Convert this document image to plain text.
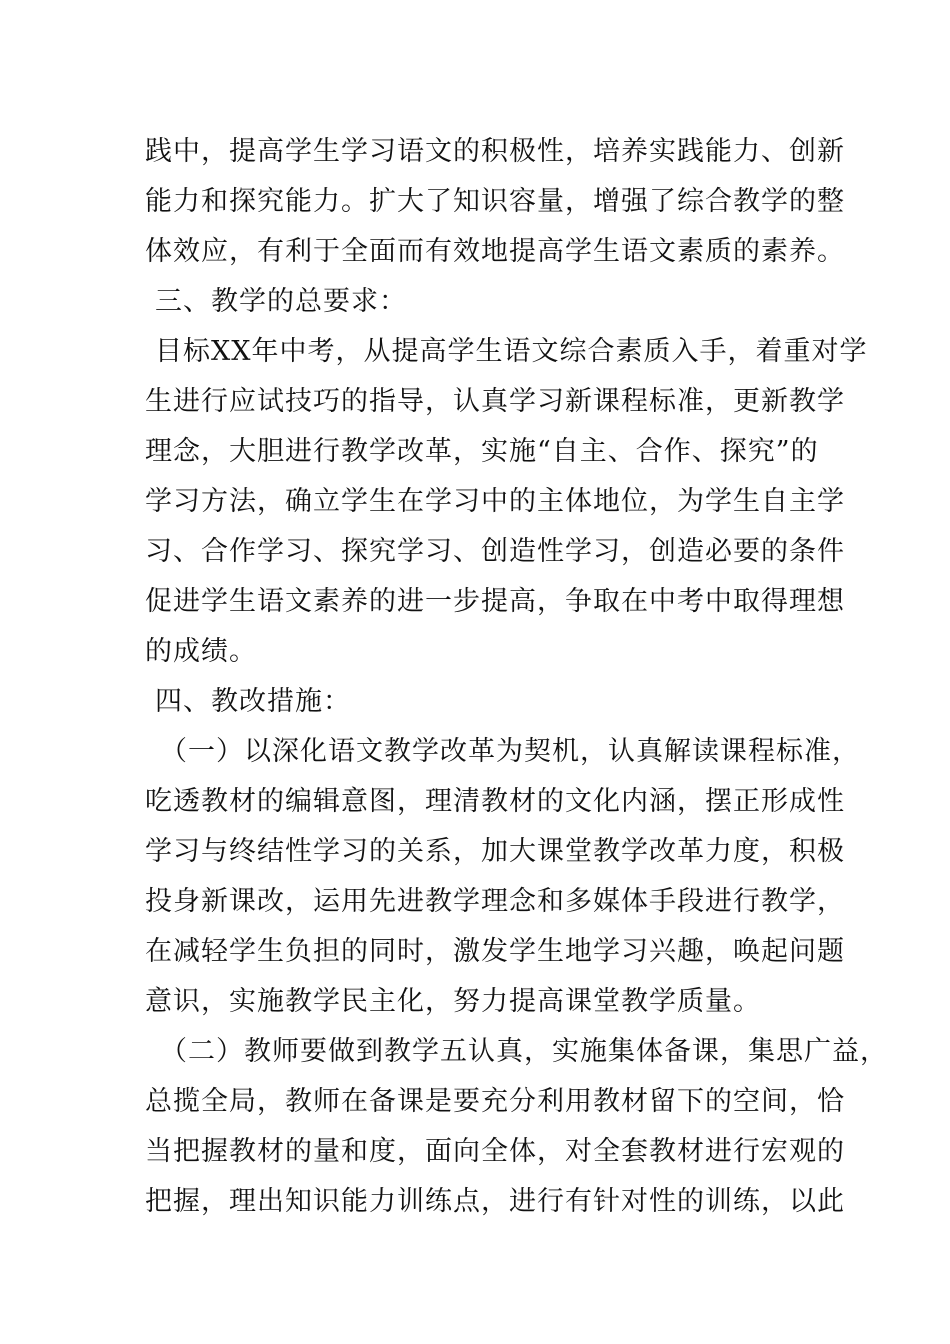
践中，提高学生学习语文的积极性，培养实践能力、创新
能力和探究能力。扩大了知识容量，增强了综合教学的整
体效应，有利于全面而有效地提高学生语文素质的素养。
三、教学的总要求：
目标XX年中考，从提高学生语文综合素质入手，着重对学
生进行应试技巧的指导，认真学习新课程标准，更新教学
理念，大胆进行教学改革，实施“自主、合作、探究”的
学习方法，确立学生在学习中的主体地位，为学生自主学
习、合作学习、探究学习、创造性学习，创造必要的条件
促进学生语文素养的进一步提高，争取在中考中取得理想
的成绩。
四、教改措施：
（一）以深化语文教学改革为契机，认真解读课程标准，
吃透教材的编辑意图，理清教材的文化内涵，摆正形成性
学习与终结性学习的关系，加大课堂教学改革力度，积极
投身新课改，运用先进教学理念和多媒体手段进行教学，
在减轻学生负担的同时，激发学生地学习兴趣，唤起问题
意识，实施教学民主化，努力提高课堂教学质量。
（二）教师要做到教学五认真，实施集体备课，集思广益，
总揽全局，教师在备课是要充分利用教材留下的空间，恰
当把握教材的量和度，面向全体，对全套教材进行宏观的
把握，理出知识能力训练点，进行有针对性的训练，以此
